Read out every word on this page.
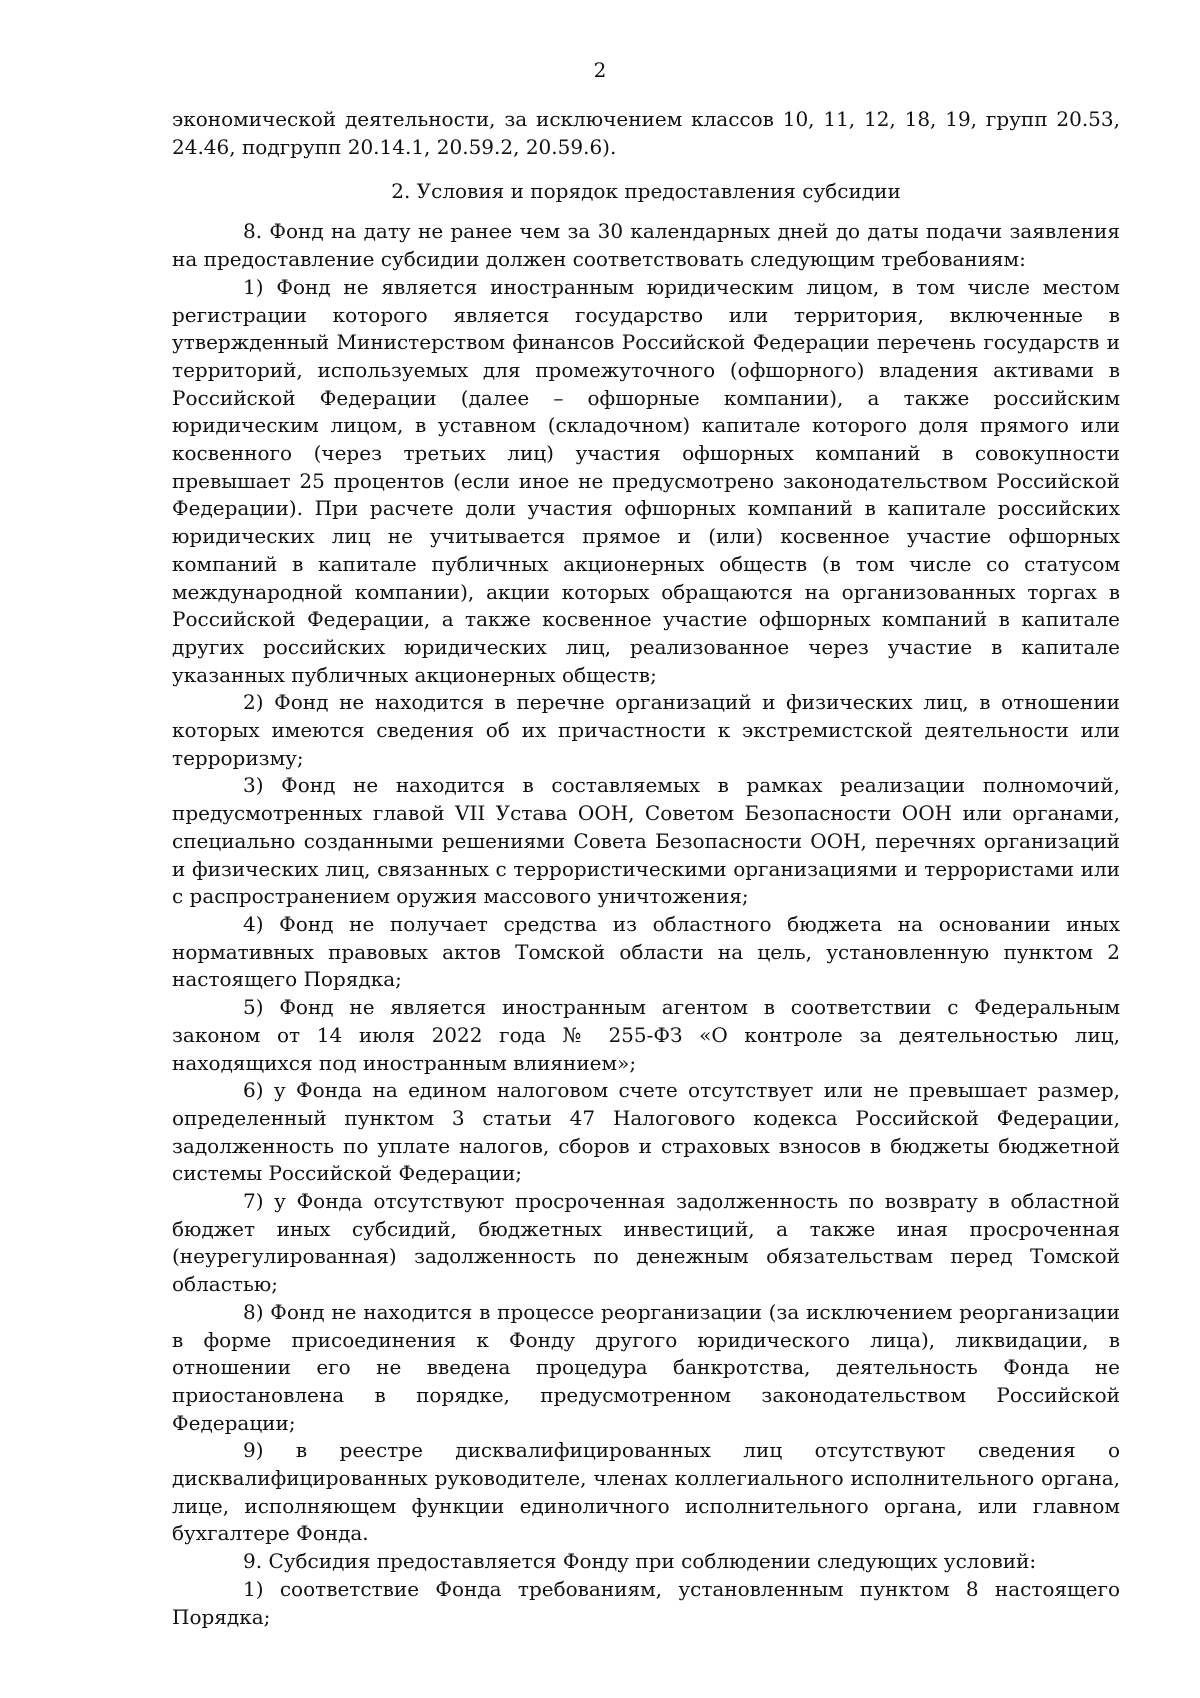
2

экономической деятельности, за исключением классов 10, 11, 12, 18, 19, групп 20.53, 24.46, подгрупп 20.14.1, 20.59.2, 20.59.6).

2. Условия и порядок предоставления субсидии

8. Фонд на дату не ранее чем за 30 календарных дней до даты подачи заявления на предоставление субсидии должен соответствовать следующим требованиям:

1) Фонд не является иностранным юридическим лицом, в том числе местом регистрации которого является государство или территория, включенные в утвержденный Министерством финансов Российской Федерации перечень государств и территорий, используемых для промежуточного (офшорного) владения активами в Российской Федерации (далее – офшорные компании), а также российским юридическим лицом, в уставном (складочном) капитале которого доля прямого или косвенного (через третьих лиц) участия офшорных компаний в совокупности превышает 25 процентов (если иное не предусмотрено законодательством Российской Федерации). При расчете доли участия офшорных компаний в капитале российских юридических лиц не учитывается прямое и (или) косвенное участие офшорных компаний в капитале публичных акционерных обществ (в том числе со статусом международной компании), акции которых обращаются на организованных торгах в Российской Федерации, а также косвенное участие офшорных компаний в капитале других российских юридических лиц, реализованное через участие в капитале указанных публичных акционерных обществ;

2) Фонд не находится в перечне организаций и физических лиц, в отношении которых имеются сведения об их причастности к экстремистской деятельности или терроризму;

3) Фонд не находится в составляемых в рамках реализации полномочий, предусмотренных главой VII Устава ООН, Советом Безопасности ООН или органами, специально созданными решениями Совета Безопасности ООН, перечнях организаций и физических лиц, связанных с террористическими организациями и террористами или с распространением оружия массового уничтожения;

4) Фонд не получает средства из областного бюджета на основании иных нормативных правовых актов Томской области на цель, установленную пунктом 2 настоящего Порядка;

5) Фонд не является иностранным агентом в соответствии с Федеральным законом от 14 июля 2022 года № 255-ФЗ «О контроле за деятельностью лиц, находящихся под иностранным влиянием»;

6) у Фонда на едином налоговом счете отсутствует или не превышает размер, определенный пунктом 3 статьи 47 Налогового кодекса Российской Федерации, задолженность по уплате налогов, сборов и страховых взносов в бюджеты бюджетной системы Российской Федерации;

7) у Фонда отсутствуют просроченная задолженность по возврату в областной бюджет иных субсидий, бюджетных инвестиций, а также иная просроченная (неурегулированная) задолженность по денежным обязательствам перед Томской областью;

8) Фонд не находится в процессе реорганизации (за исключением реорганизации в форме присоединения к Фонду другого юридического лица), ликвидации, в отношении его не введена процедура банкротства, деятельность Фонда не приостановлена в порядке, предусмотренном законодательством Российской Федерации;

9) в реестре дисквалифицированных лиц отсутствуют сведения о дисквалифицированных руководителе, членах коллегиального исполнительного органа, лице, исполняющем функции единоличного исполнительного органа, или главном бухгалтере Фонда.

9. Субсидия предоставляется Фонду при соблюдении следующих условий:

1) соответствие Фонда требованиям, установленным пунктом 8 настоящего Порядка;
